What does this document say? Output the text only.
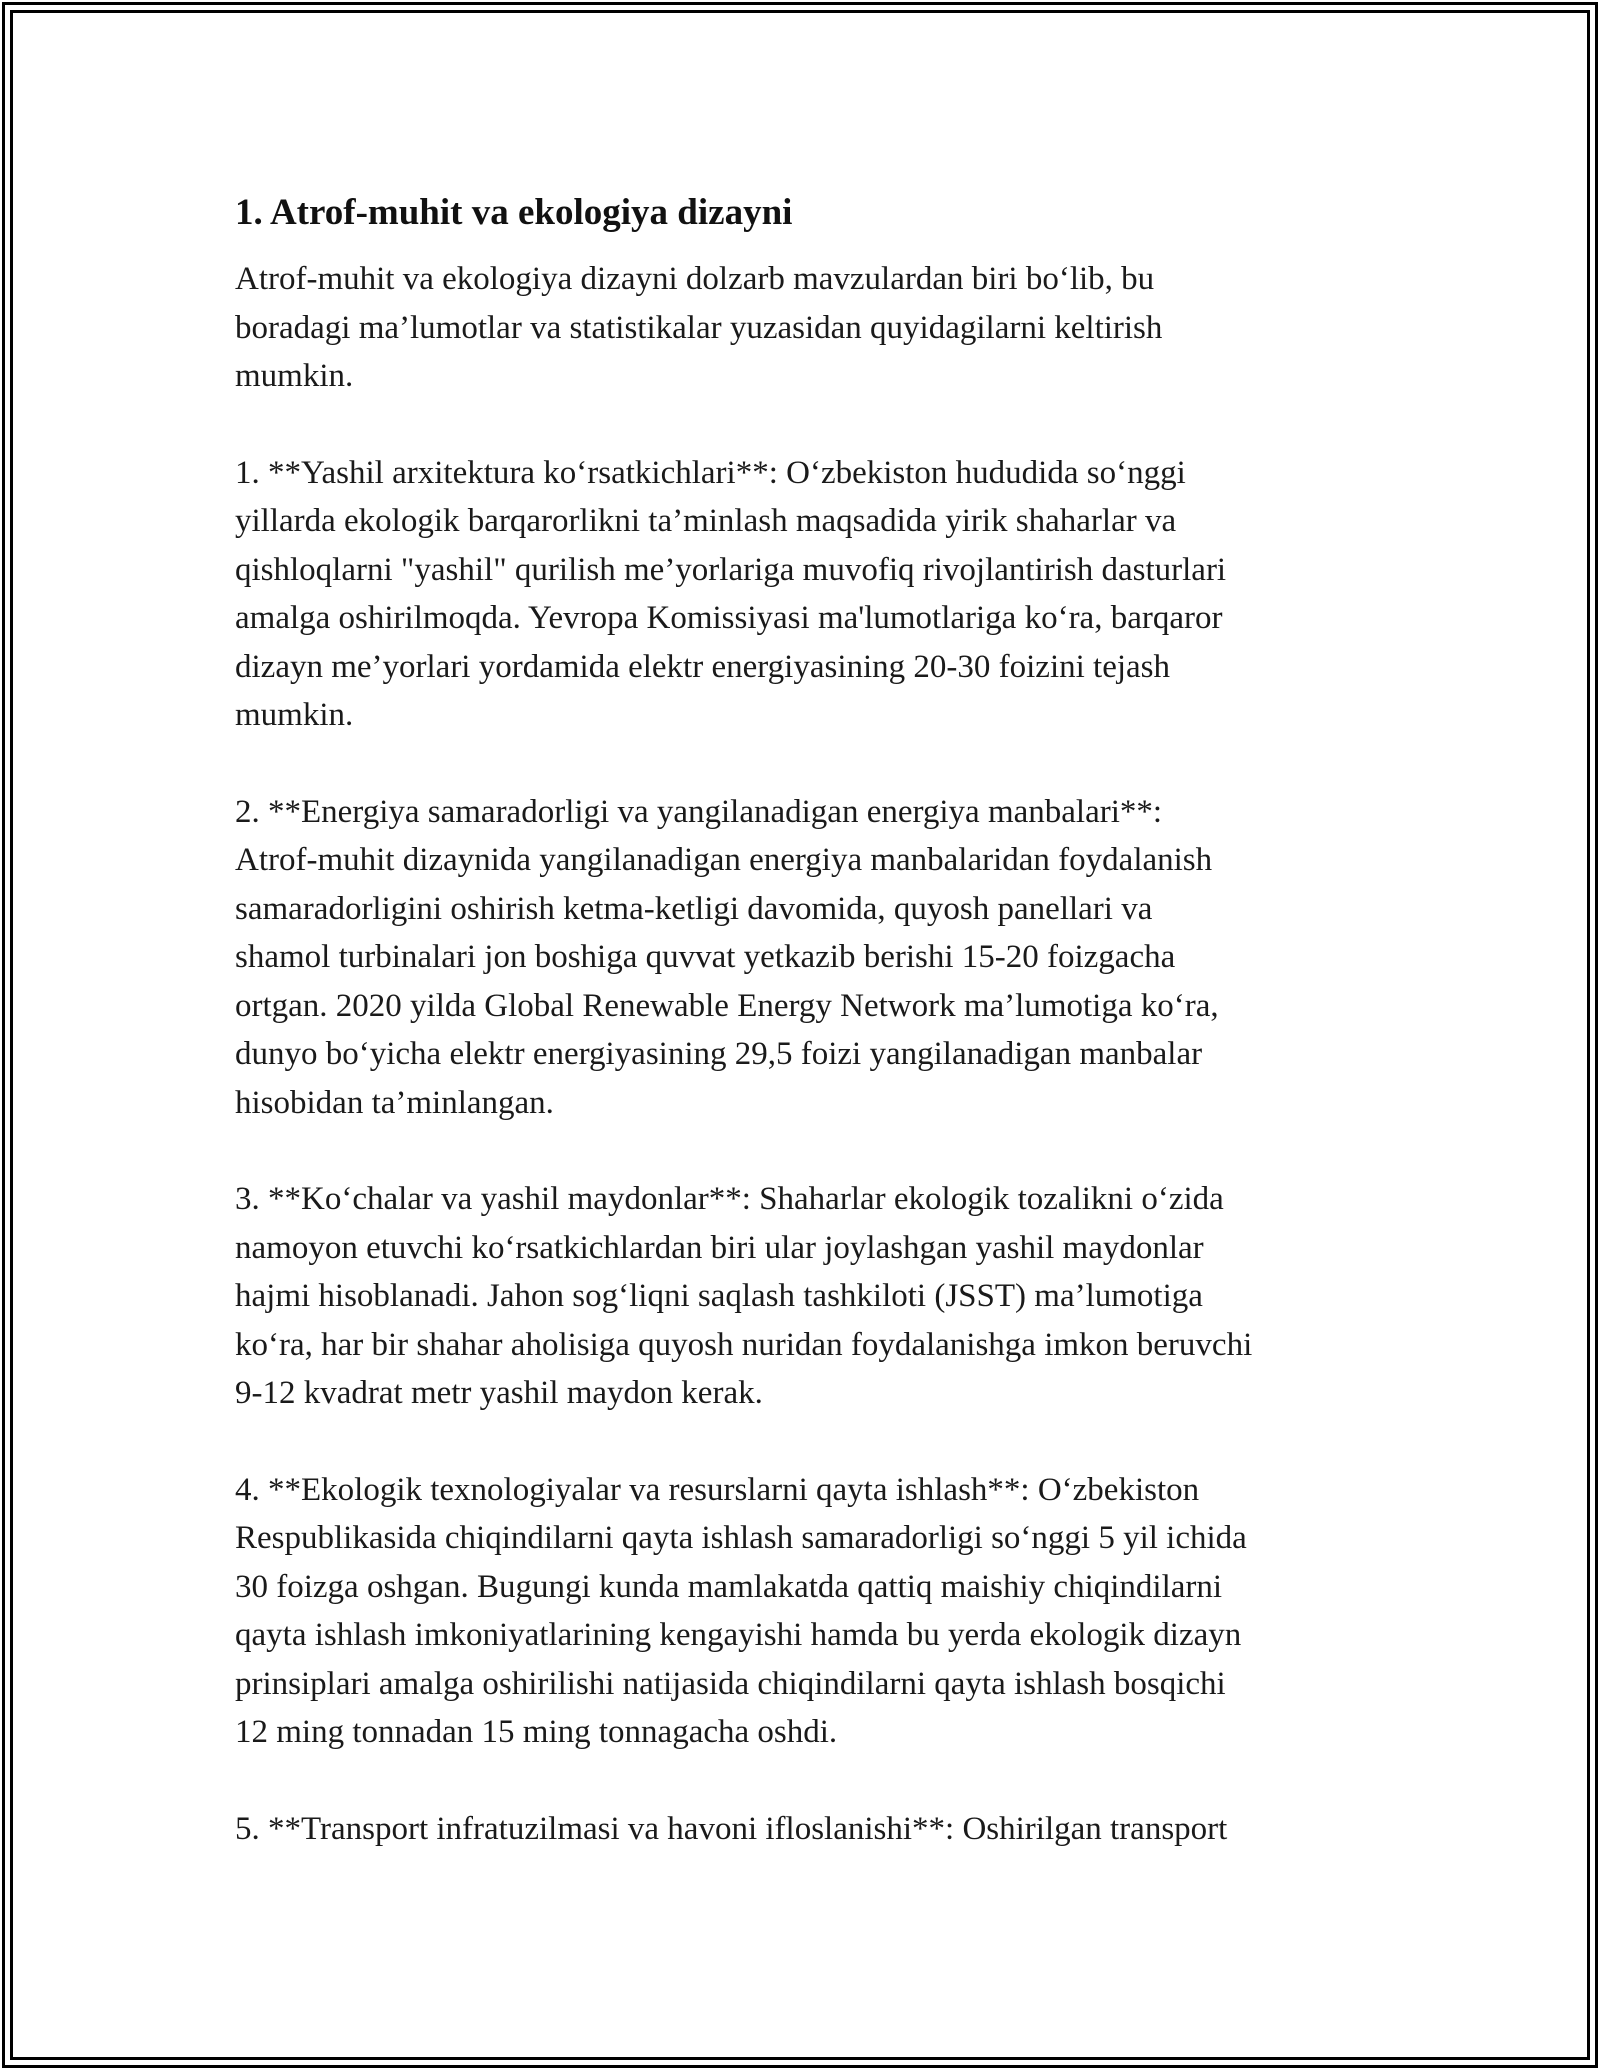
1. Atrof-muhit va ekologiya dizayni
Atrof-muhit va ekologiya dizayni dolzarb mavzulardan biri bo‘lib, bu
boradagi ma’lumotlar va statistikalar yuzasidan quyidagilarni keltirish
mumkin.
1. **Yashil arxitektura ko‘rsatkichlari**: O‘zbekiston hududida so‘nggi
yillarda ekologik barqarorlikni ta’minlash maqsadida yirik shaharlar va
qishloqlarni "yashil" qurilish me’yorlariga muvofiq rivojlantirish dasturlari
amalga oshirilmoqda. Yevropa Komissiyasi ma'lumotlariga ko‘ra, barqaror
dizayn me’yorlari yordamida elektr energiyasining 20-30 foizini tejash
mumkin.
2. **Energiya samaradorligi va yangilanadigan energiya manbalari**:
Atrof-muhit dizaynida yangilanadigan energiya manbalaridan foydalanish
samaradorligini oshirish ketma-ketligi davomida, quyosh panellari va
shamol turbinalari jon boshiga quvvat yetkazib berishi 15-20 foizgacha
ortgan. 2020 yilda Global Renewable Energy Network ma’lumotiga ko‘ra,
dunyo bo‘yicha elektr energiyasining 29,5 foizi yangilanadigan manbalar
hisobidan ta’minlangan.
3. **Ko‘chalar va yashil maydonlar**: Shaharlar ekologik tozalikni o‘zida
namoyon etuvchi ko‘rsatkichlardan biri ular joylashgan yashil maydonlar
hajmi hisoblanadi. Jahon sog‘liqni saqlash tashkiloti (JSST) ma’lumotiga
ko‘ra, har bir shahar aholisiga quyosh nuridan foydalanishga imkon beruvchi
9-12 kvadrat metr yashil maydon kerak.
4. **Ekologik texnologiyalar va resurslarni qayta ishlash**: O‘zbekiston
Respublikasida chiqindilarni qayta ishlash samaradorligi so‘nggi 5 yil ichida
30 foizga oshgan. Bugungi kunda mamlakatda qattiq maishiy chiqindilarni
qayta ishlash imkoniyatlarining kengayishi hamda bu yerda ekologik dizayn
prinsiplari amalga oshirilishi natijasida chiqindilarni qayta ishlash bosqichi
12 ming tonnadan 15 ming tonnagacha oshdi.
5. **Transport infratuzilmasi va havoni ifloslanishi**: Oshirilgan transport
